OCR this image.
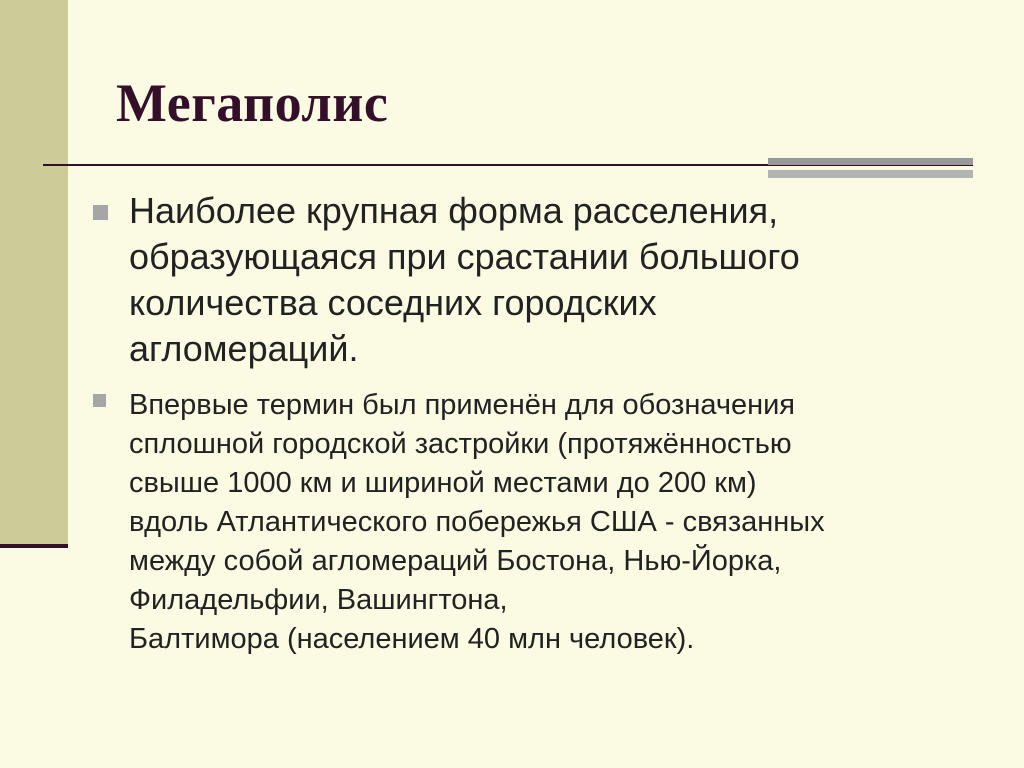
Мегаполис
Наиболее крупная форма расселения,
образующаяся при срастании большого
количества соседних городских
агломераций.
Впервые термин был применён для обозначения
сплошной городской застройки (протяжённостью
свыше 1000 км и шириной местами до 200 км)
вдоль Атлантического побережья США - связанных
между собой агломераций Бостона, Нью-Йорка,
Филадельфии, Вашингтона,
Балтимора (населением 40 млн человек).
